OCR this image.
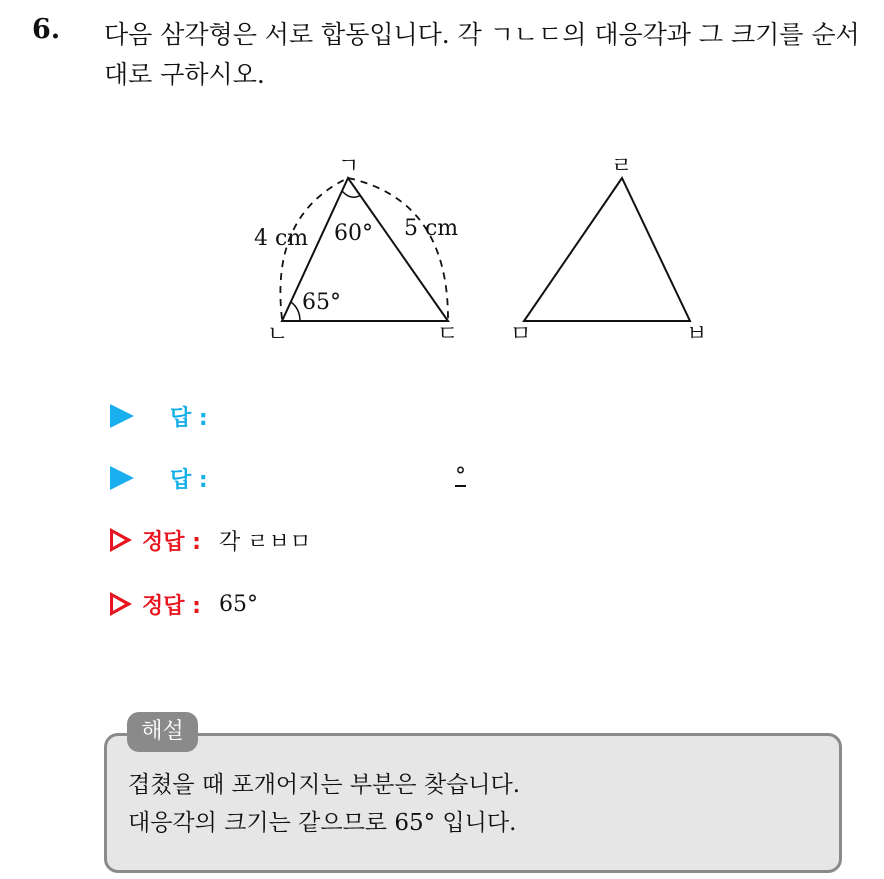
6. 다음 삼각형은 서로 합동입니다. 각 ㄱㄴㄷ의 대응각과 그 크기를 순서대로 구하시오.
ㄱ
ㄴ	ㄷ
4 cm	5 cm
60°
65°
ㄹ
ㅁ	ㅂ
답 :
답 :	°
정답 : 각 ㄹㅂㅁ
정답 : 65°
해설
겹쳤을 때 포개어지는 부분은 찾습니다.
대응각의 크기는 같으므로 65° 입니다.
